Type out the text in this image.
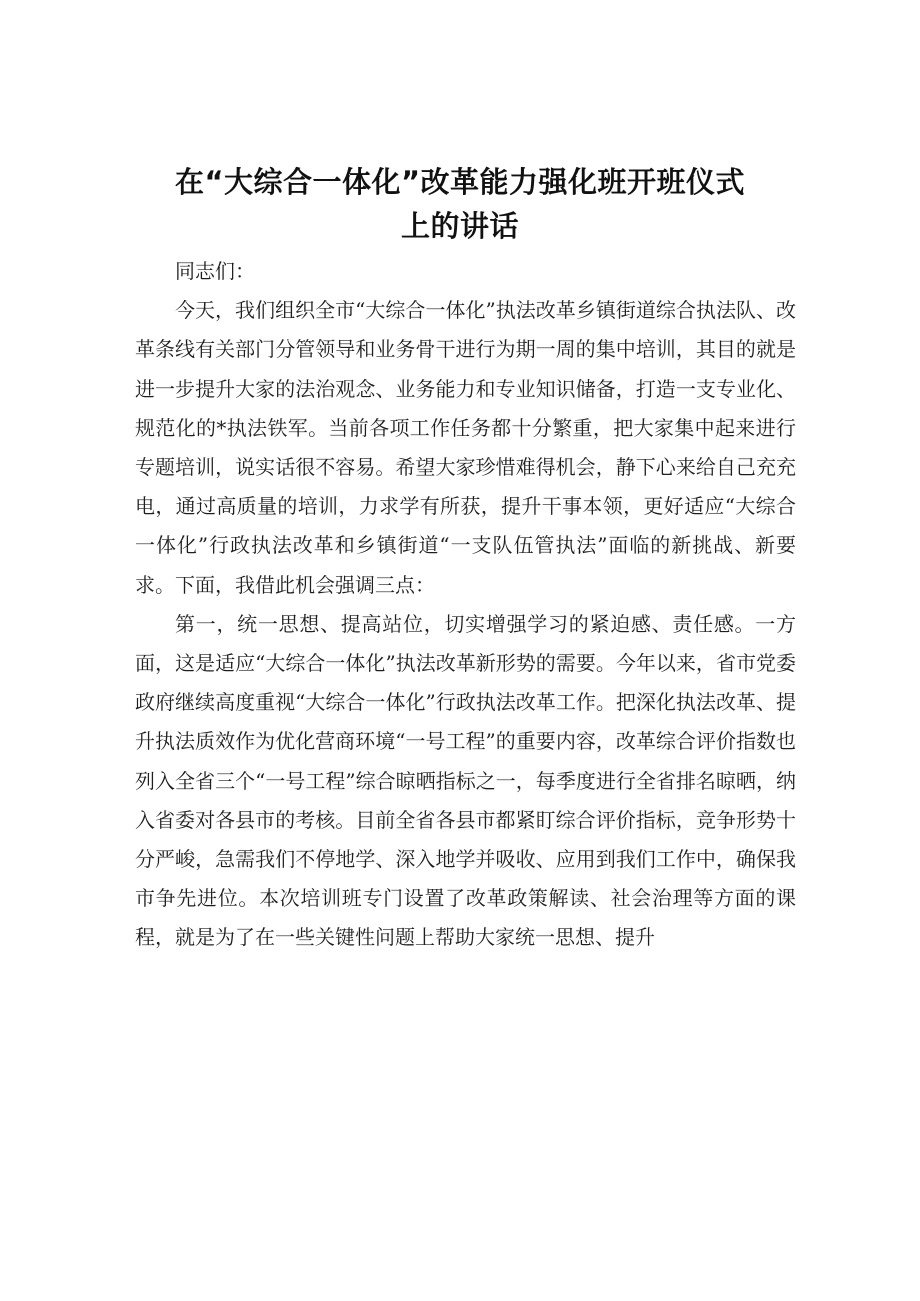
在“大综合一体化”改革能力强化班开班仪式
上的讲话

同志们：

今天，我们组织全市“大综合一体化”执法改革乡镇街道综合执法队、改革条线有关部门分管领导和业务骨干进行为期一周的集中培训，其目的就是进一步提升大家的法治观念、业务能力和专业知识储备，打造一支专业化、规范化的*执法铁军。当前各项工作任务都十分繁重，把大家集中起来进行专题培训，说实话很不容易。希望大家珍惜难得机会，静下心来给自己充充电，通过高质量的培训，力求学有所获，提升干事本领，更好适应“大综合一体化”行政执法改革和乡镇街道“一支队伍管执法”面临的新挑战、新要求。下面，我借此机会强调三点：

第一，统一思想、提高站位，切实增强学习的紧迫感、责任感。一方面，这是适应“大综合一体化”执法改革新形势的需要。今年以来，省市党委政府继续高度重视“大综合一体化”行政执法改革工作。把深化执法改革、提升执法质效作为优化营商环境“一号工程”的重要内容，改革综合评价指数也列入全省三个“一号工程”综合晾晒指标之一，每季度进行全省排名晾晒，纳入省委对各县市的考核。目前全省各县市都紧盯综合评价指标，竞争形势十分严峻，急需我们不停地学、深入地学并吸收、应用到我们工作中，确保我市争先进位。本次培训班专门设置了改革政策解读、社会治理等方面的课程，就是为了在一些关键性问题上帮助大家统一思想、提升
